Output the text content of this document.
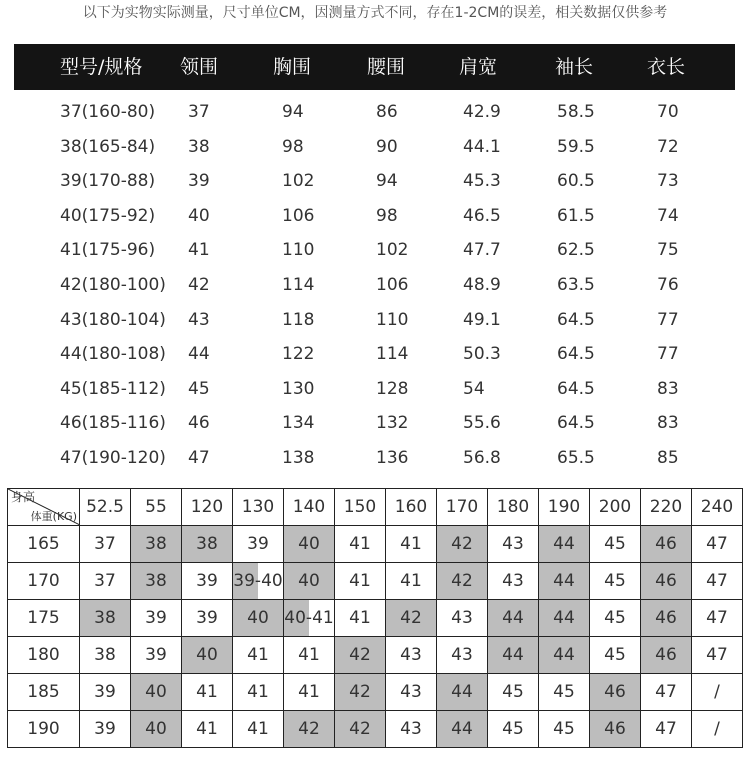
以下为实物实际测量，尺寸单位CM，因测量方式不同，存在1-2CM的误差，相关数据仅供参考
型号/规格 领围	胸围	腰围	肩宽	袖长	衣长
37(160-80) 37	94	86	42.9	58.5	70
38(165-84) 38	98	90	44.1	59.5	72
39(170-88) 39	102	94	45.3	60.5	73
40(175-92) 40	106	98	46.5	61.5	74
41(175-96) 41	110	102	47.7	62.5	75
42(180-100) 42	114	106	48.9	63.5	76
43(180-104) 43	118	110	49.1	64.5	77
44(180-108) 44	122	114	50.3	64.5	77
45(185-112) 45	130	128	54	64.5	83
46(185-116) 46	134	132	55.6	64.5	83
47(190-120) 47	138	136	56.8	65.5	85
身高
体重(KG)	52.5	55	120	130	140	150	160	170	180	190	200	220	240
165	37	38	38	39	40	41	41	42	43	44	45	46	47
170	37	38	39	39-40	40	41	41	42	43	44	45	46	47
175	38	39	39	40	40-41	41	42	43	44	44	45	46	47
180	38	39	40	41	41	42	43	43	44	44	45	46	47
185	39	40	41	41	41	42	43	44	45	45	46	47	/
190	39	40	41	41	42	42	43	44	45	45	46	47	/
